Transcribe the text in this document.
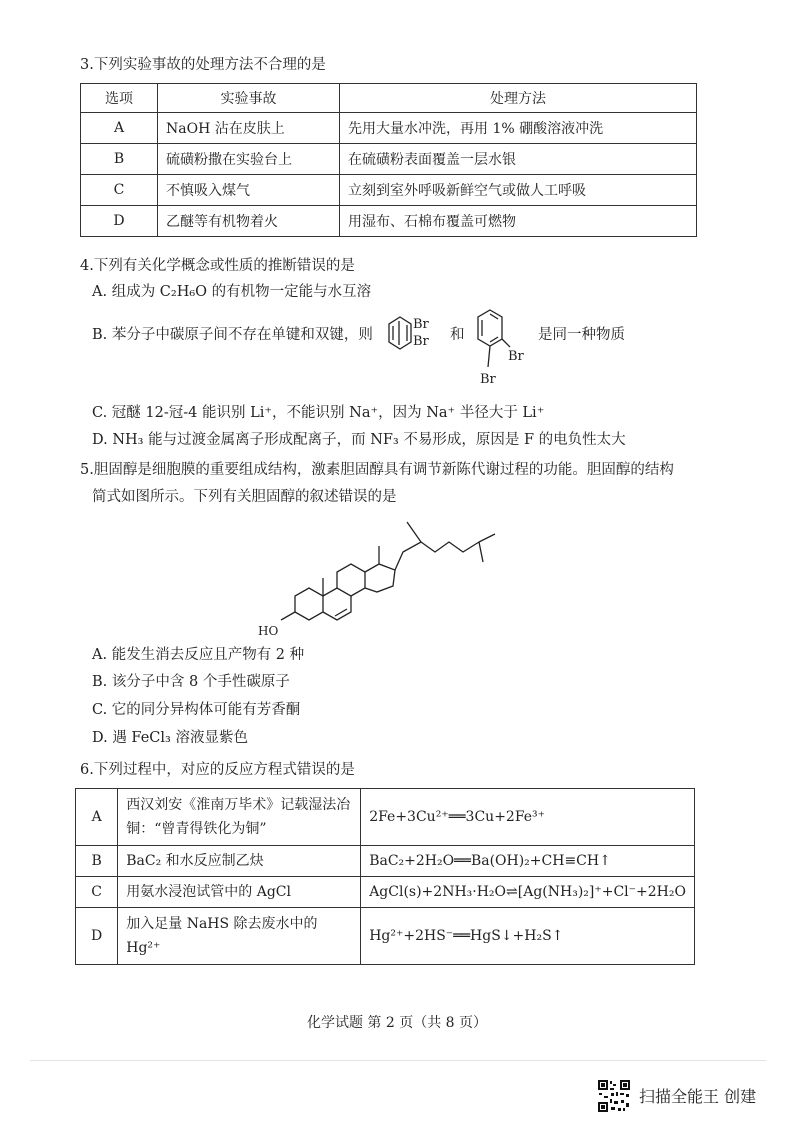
3.下列实验事故的处理方法不合理的是
选项	实验事故	处理方法
A	NaOH 沾在皮肤上	先用大量水冲洗，再用 1% 硼酸溶液冲洗
B	硫磺粉撒在实验台上	在硫磺粉表面覆盖一层水银
C	不慎吸入煤气	立刻到室外呼吸新鲜空气或做人工呼吸
D	乙醚等有机物着火	用湿布、石棉布覆盖可燃物
4.下列有关化学概念或性质的推断错误的是
A. 组成为 C₂H₆O 的有机物一定能与水互溶
B. 苯分子中碳原子间不存在单键和双键，则
Br
Br 和
Br
Br
是同一种物质
C. 冠醚 12-冠-4 能识别 Li⁺，不能识别 Na⁺，因为 Na⁺ 半径大于 Li⁺
D. NH₃ 能与过渡金属离子形成配离子，而 NF₃ 不易形成，原因是 F 的电负性太大
5.胆固醇是细胞膜的重要组成结构，激素胆固醇具有调节新陈代谢过程的功能。胆固醇的结构
简式如图所示。下列有关胆固醇的叙述错误的是
HO
A. 能发生消去反应且产物有 2 种
B. 该分子中含 8 个手性碳原子
C. 它的同分异构体可能有芳香酮
D. 遇 FeCl₃ 溶液显紫色
6.下列过程中，对应的反应方程式错误的是
A	西汉刘安《淮南万毕术》记载湿法冶铜：“曾青得铁化为铜”	2Fe+3Cu²⁺══3Cu+2Fe³⁺
B	BaC₂ 和水反应制乙炔	BaC₂+2H₂O══Ba(OH)₂+CH≡CH↑
C	用氨水浸泡试管中的 AgCl	AgCl(s)+2NH₃·H₂O⇌[Ag(NH₃)₂]⁺+Cl⁻+2H₂O
D	加入足量 NaHS 除去废水中的 Hg²⁺	Hg²⁺+2HS⁻══HgS↓+H₂S↑
化学试题 第 2 页（共 8 页）
扫描全能王 创建
